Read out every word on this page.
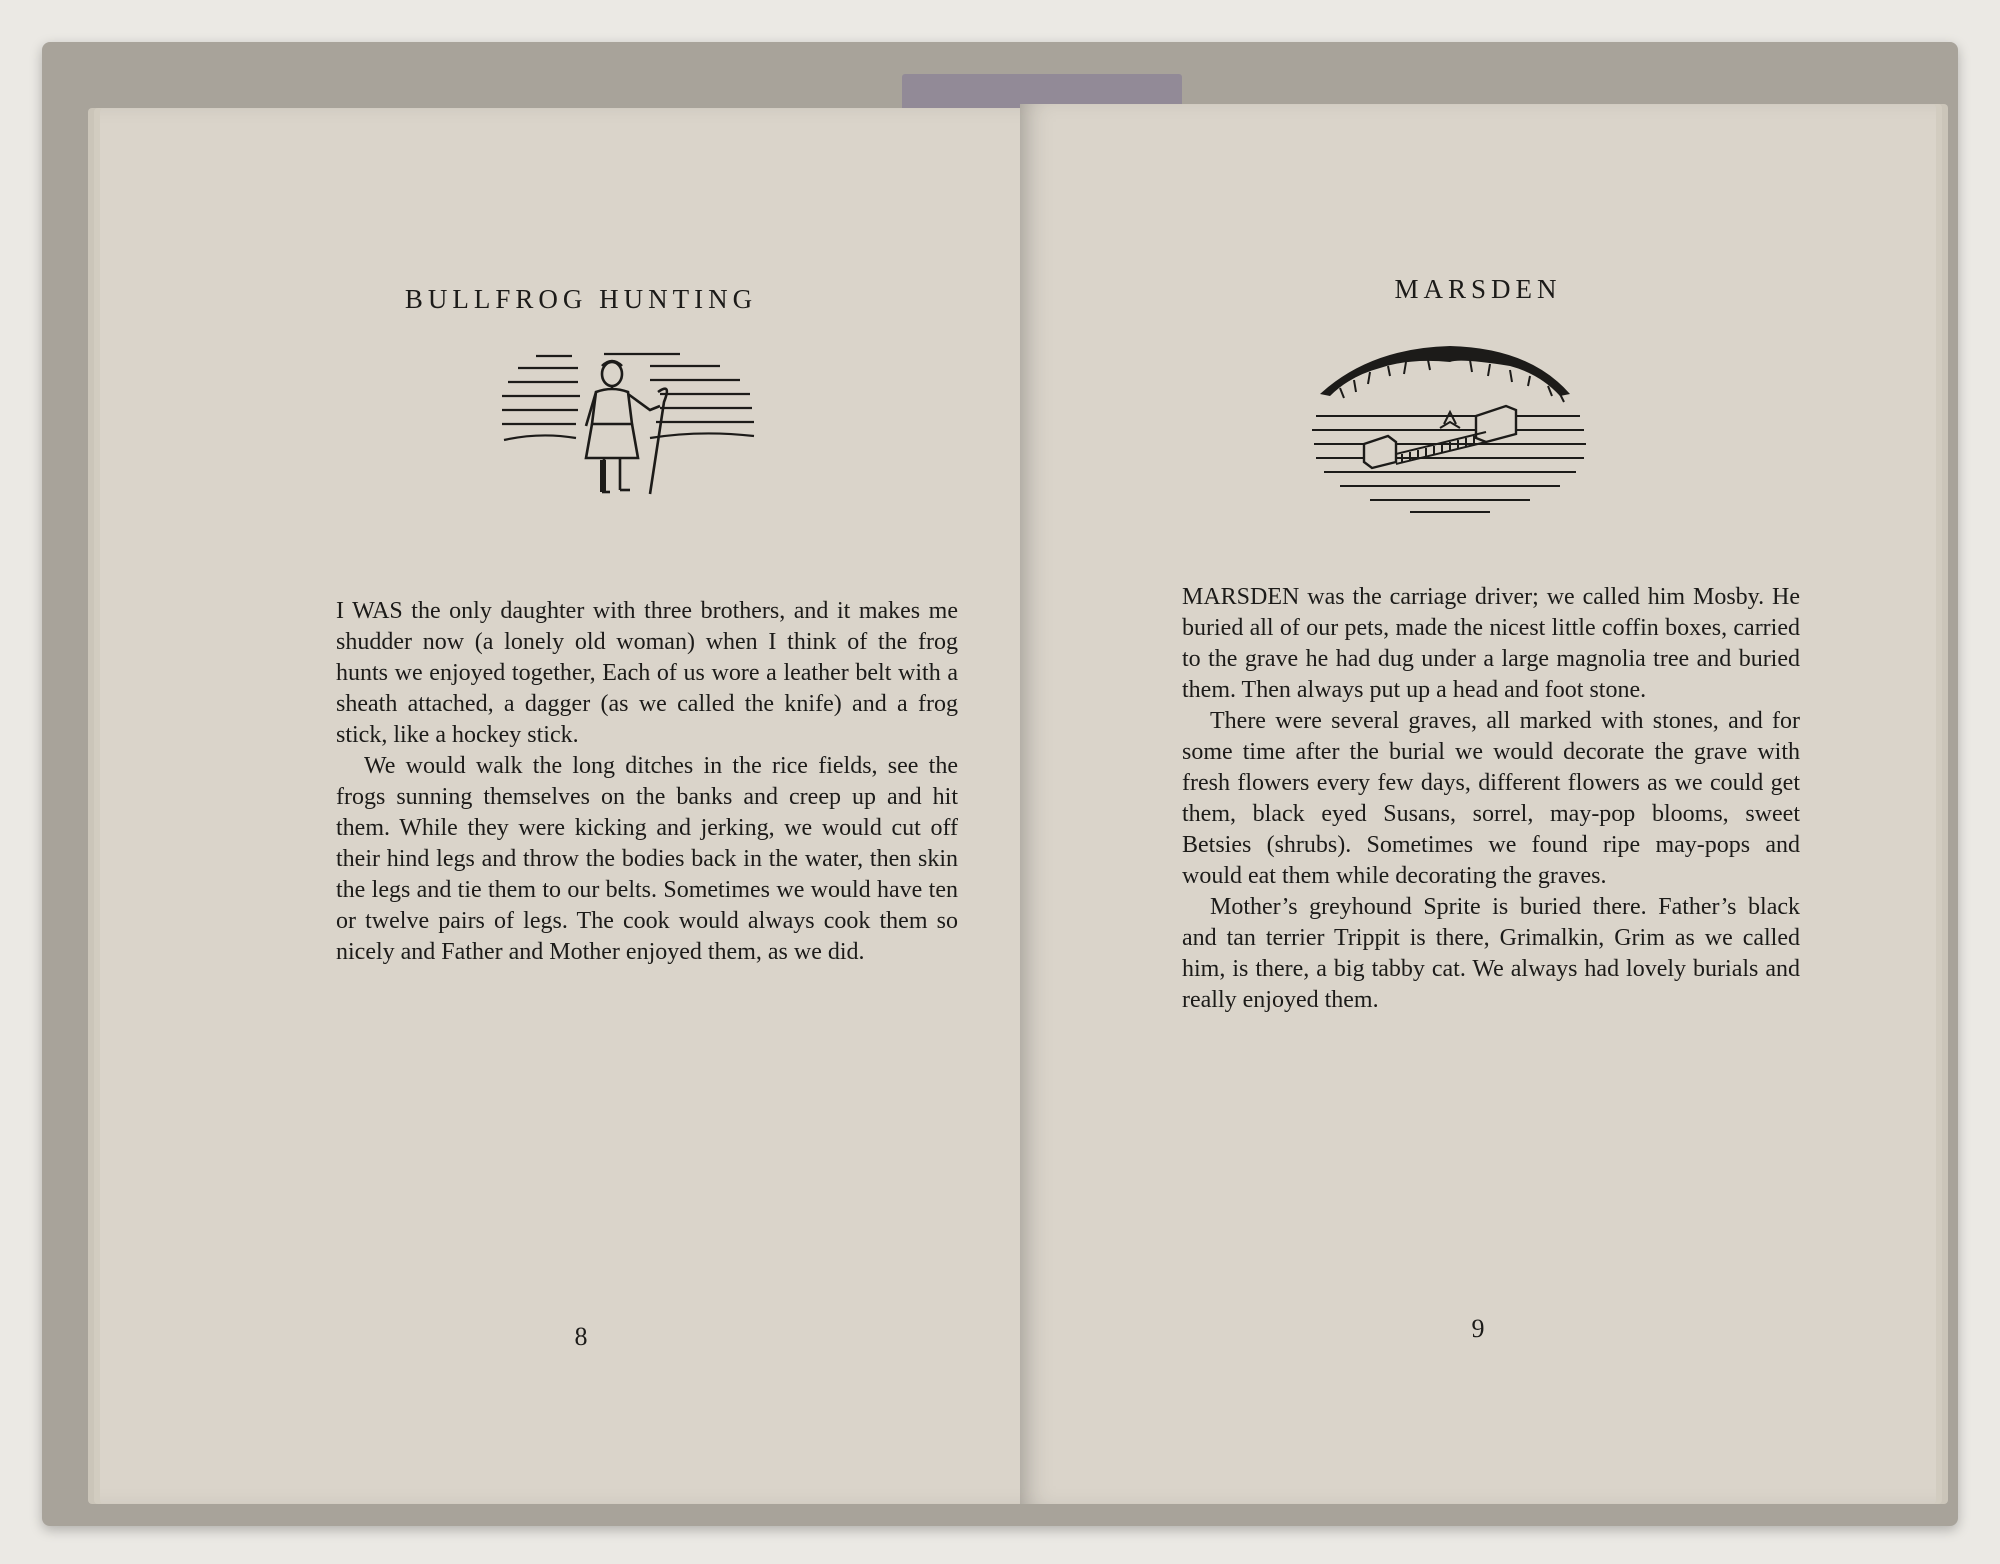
BULLFROG HUNTING

I WAS the only daughter with three brothers, and it makes me shudder now (a lonely old woman) when I think of the frog hunts we enjoyed together, Each of us wore a leather belt with a sheath attached, a dagger (as we called the knife) and a frog stick, like a hockey stick.

We would walk the long ditches in the rice fields, see the frogs sunning themselves on the banks and creep up and hit them. While they were kicking and jerking, we would cut off their hind legs and throw the bodies back in the water, then skin the legs and tie them to our belts. Sometimes we would have ten or twelve pairs of legs. The cook would always cook them so nicely and Father and Mother enjoyed them, as we did.

8
MARSDEN

MARSDEN was the carriage driver; we called him Mosby. He buried all of our pets, made the nicest little coffin boxes, carried to the grave he had dug under a large magnolia tree and buried them. Then always put up a head and foot stone.

There were several graves, all marked with stones, and for some time after the burial we would decorate the grave with fresh flowers every few days, different flowers as we could get them, black eyed Susans, sorrel, may-pop blooms, sweet Betsies (shrubs). Sometimes we found ripe may-pops and would eat them while decorating the graves.

Mother’s greyhound Sprite is buried there. Father’s black and tan terrier Trippit is there, Grimalkin, Grim as we called him, is there, a big tabby cat. We always had lovely burials and really enjoyed them.

9
